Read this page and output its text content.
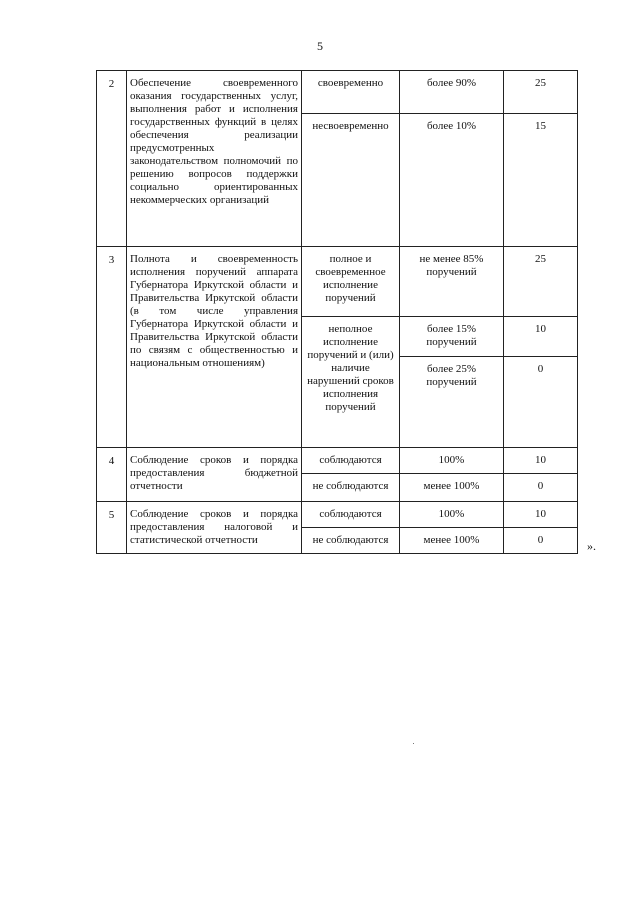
5
2	Обеспечение своевременного оказания государственных услуг, выполнения работ и исполнения государственных функций в целях обеспечения реализации предусмотренных законодательством полномочий по решению вопросов поддержки социально ориентированных некоммерческих организаций	своевременно	более 90%	25
		несвоевременно	более 10%	15
3	Полнота и своевременность исполнения поручений аппарата Губернатора Иркутской области и Правительства Иркутской области (в том числе управления Губернатора Иркутской области и Правительства Иркутской области по связям с общественностью и национальным отношениям)	полное и своевременное исполнение поручений	не менее 85% поручений	25
		неполное исполнение поручений и (или) наличие нарушений сроков исполнения поручений	более 15% поручений	10
			более 25% поручений	0
4	Соблюдение сроков и порядка предоставления бюджетной отчетности	соблюдаются	100%	10
		не соблюдаются	менее 100%	0
5	Соблюдение сроков и порядка предоставления налоговой и статистической отчетности	соблюдаются	100%	10
		не соблюдаются	менее 100%	0	».
